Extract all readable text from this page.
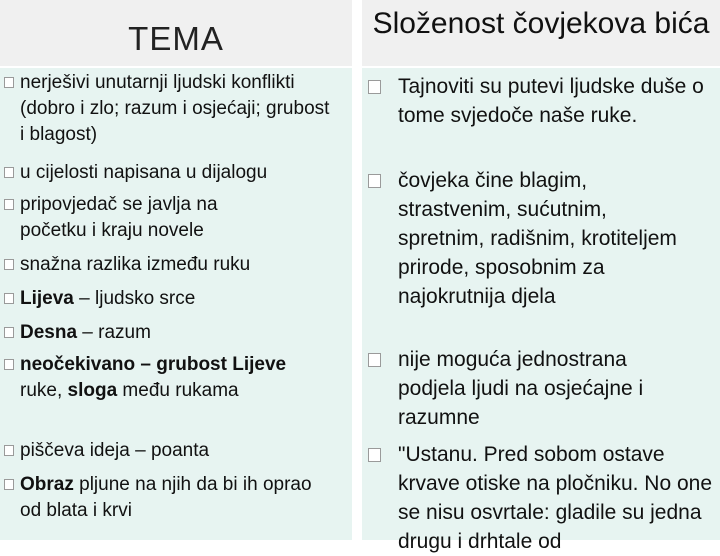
TEMA
nerješivi unutarnji ljudski konflikti (dobro i zlo; razum i osjećaji; grubost i blagost)
u cijelosti napisana u dijalogu
pripovjedač se javlja na početku i kraju novele
snažna razlika između ruku
Lijeva – ljudsko srce
Desna – razum
neočekivano – grubost Lijeve ruke, sloga među rukama
piščeva ideja – poanta
Obraz pljune na njih da bi ih oprao od blata i krvi
Složenost čovjekova bića
Tajnoviti su putevi ljudske duše o tome svjedoče naše ruke.
čovjeka čine blagim, strastvenim, sućutnim, spretnim, radišnim, krotiteljem prirode, sposobnim za najokrutnija djela
nije moguća jednostrana podjela ljudi na osjećajne i razumne
"Ustanu. Pred sobom ostave krvave otiske na pločniku. No one se nisu osvrtale: gladile su jedna drugu i drhtale od
